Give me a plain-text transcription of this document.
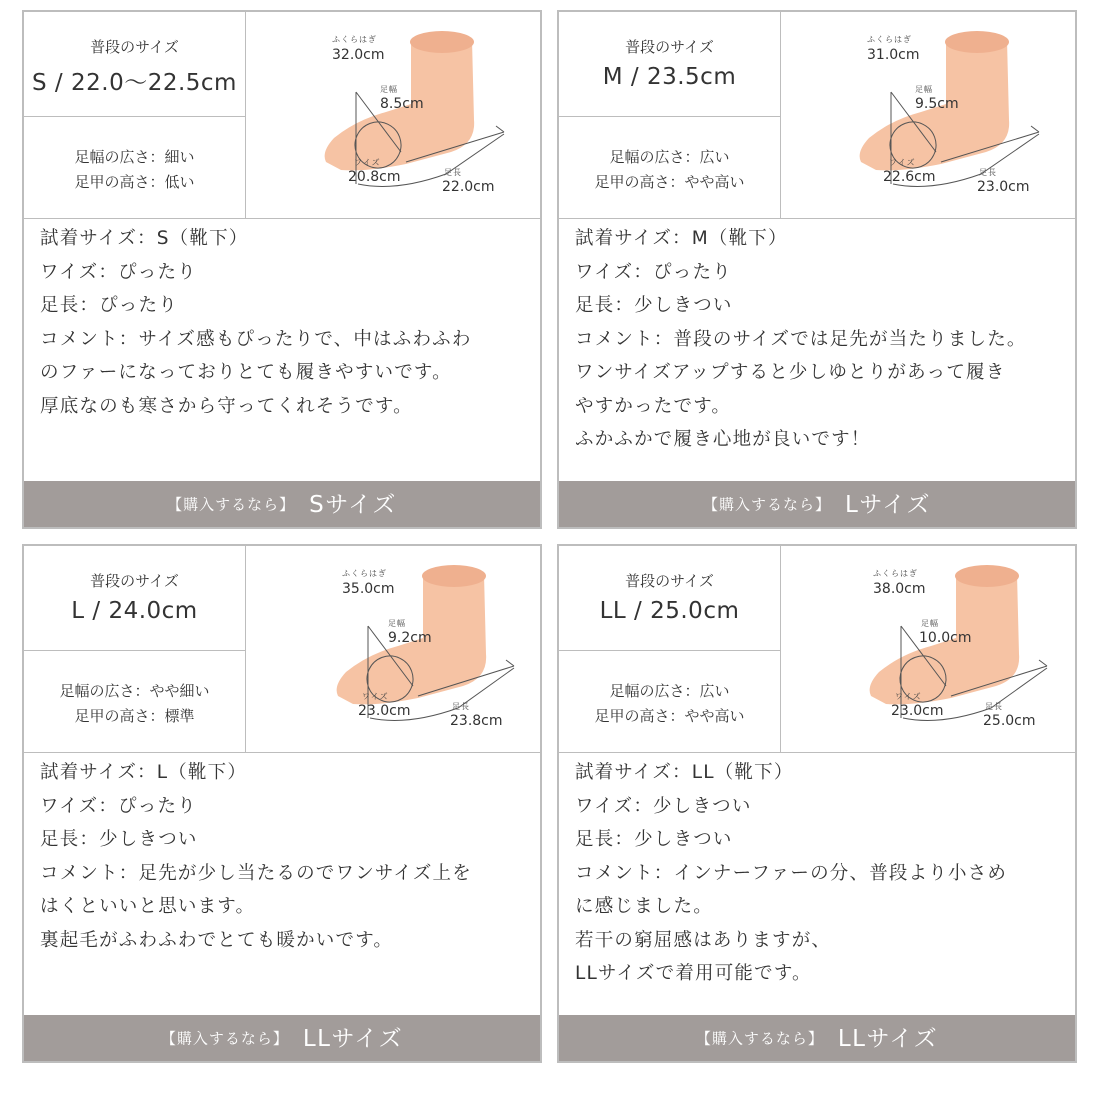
普段のサイズ
S / 22.0〜22.5cm
足幅の広さ：細い
足甲の高さ：低い
ふくらはぎ
32.0cm
足幅
8.5cm
ワイズ
20.8cm	足長
22.0cm
試着サイズ：S（靴下）
ワイズ：ぴったり
足長：ぴったり
コメント：サイズ感もぴったりで、中はふわふわ
のファーになっておりとても履きやすいです。
厚底なのも寒さから守ってくれそうです。
【購入するなら】 Sサイズ
普段のサイズ
M / 23.5cm
足幅の広さ：広い
足甲の高さ：やや高い
ふくらはぎ
31.0cm
足幅
9.5cm
ワイズ
22.6cm	足長
23.0cm
試着サイズ：M（靴下）
ワイズ：ぴったり
足長：少しきつい
コメント：普段のサイズでは足先が当たりました。
ワンサイズアップすると少しゆとりがあって履き
やすかったです。
ふかふかで履き心地が良いです！
【購入するなら】 Lサイズ
普段のサイズ
L / 24.0cm
足幅の広さ：やや細い
足甲の高さ：標準
ふくらはぎ
35.0cm
足幅
9.2cm
ワイズ
23.0cm	足長
23.8cm
試着サイズ：L（靴下）
ワイズ：ぴったり
足長：少しきつい
コメント：足先が少し当たるのでワンサイズ上を
はくといいと思います。
裏起毛がふわふわでとても暖かいです。
【購入するなら】 LLサイズ
普段のサイズ
LL / 25.0cm
足幅の広さ：広い
足甲の高さ：やや高い
ふくらはぎ
38.0cm
足幅
10.0cm
ワイズ
23.0cm	足長
25.0cm
試着サイズ：LL（靴下）
ワイズ：少しきつい
足長：少しきつい
コメント：インナーファーの分、普段より小さめ
に感じました。
若干の窮屈感はありますが、
LLサイズで着用可能です。
【購入するなら】 LLサイズ
